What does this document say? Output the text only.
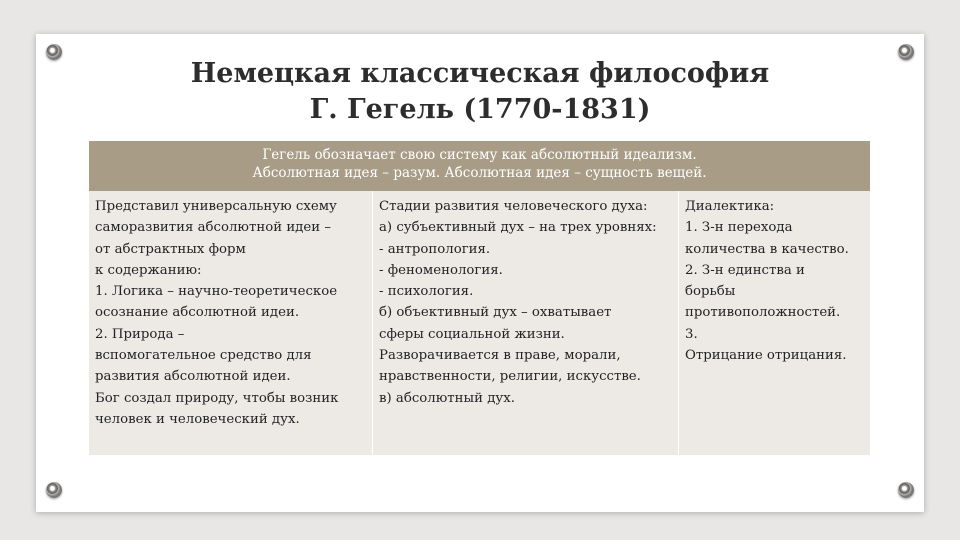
Немецкая классическая философия
Г. Гегель (1770-1831)
Гегель обозначает свою систему как абсолютный идеализм.
Абсолютная идея – разум. Абсолютная идея – сущность вещей.
Представил универсальную схему
саморазвития абсолютной идеи –
от абстрактных форм
к содержанию:
1. Логика – научно-теоретическое
осознание абсолютной идеи.
2. Природа –
вспомогательное средство для
развития абсолютной идеи.
Бог создал природу, чтобы возник
человек и человеческий дух.
Стадии развития человеческого духа:
а) субъективный дух – на трех уровнях:
- антропология.
- феноменология.
- психология.
б) объективный дух – охватывает
сферы социальной жизни.
Разворачивается в праве, морали,
нравственности, религии, искусстве.
в) абсолютный дух.
Диалектика:
1. З-н перехода
количества в качество.
2. З-н единства и
борьбы
противоположностей.
3.
Отрицание отрицания.
